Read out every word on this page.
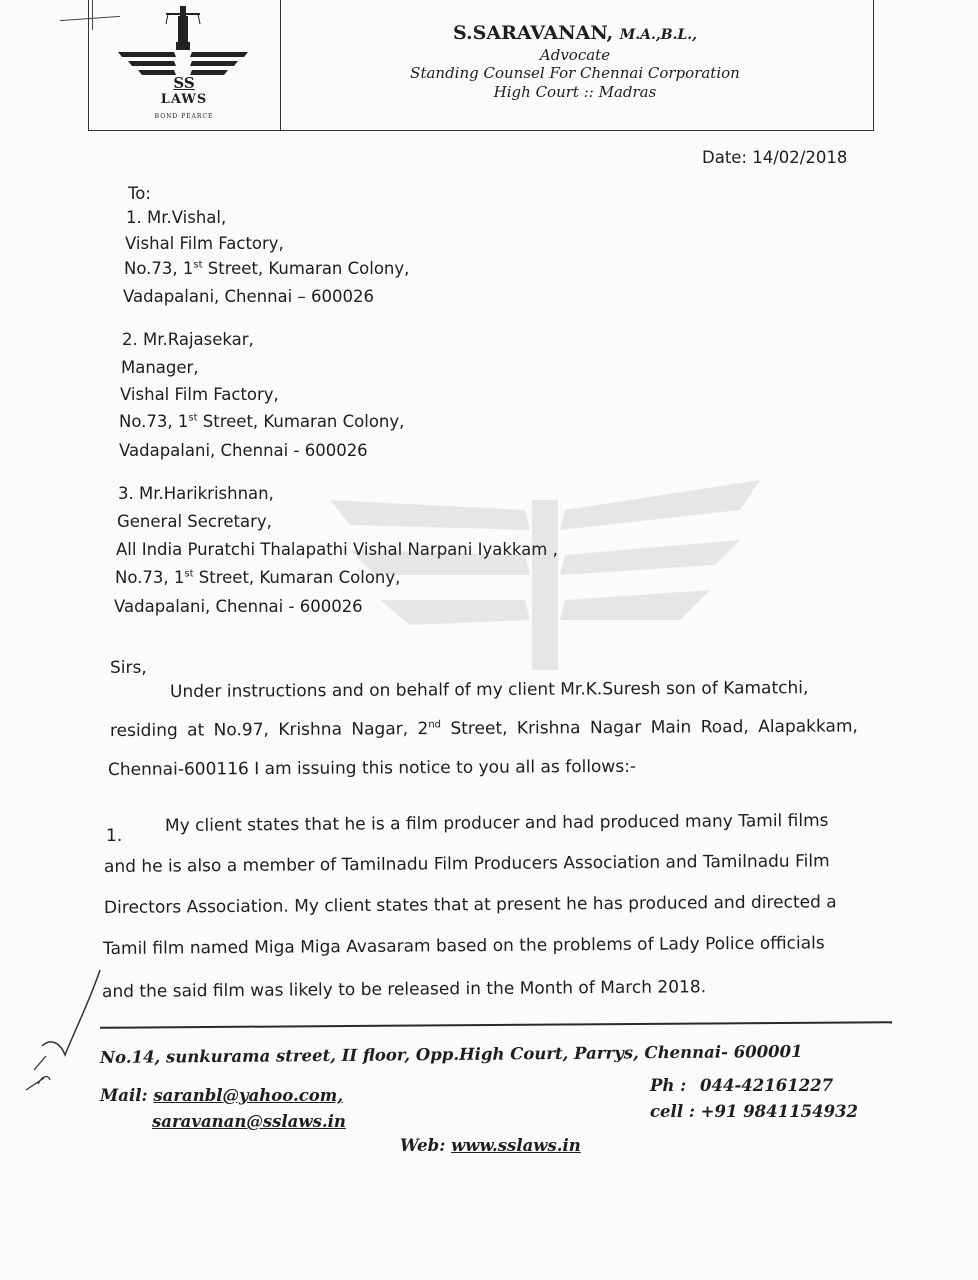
SS
LAWS
BOND PEARCE
S.SARAVANAN, M.A.,B.L.,
Advocate
Standing Counsel For Chennai Corporation
High Court :: Madras
Date: 14/02/2018
To:
1. Mr.Vishal,
Vishal Film Factory,
No.73, 1st Street, Kumaran Colony,
Vadapalani, Chennai – 600026
2. Mr.Rajasekar,
Manager,
Vishal Film Factory,
No.73, 1st Street, Kumaran Colony,
Vadapalani, Chennai - 600026
3. Mr.Harikrishnan,
General Secretary,
All India Puratchi Thalapathi Vishal Narpani Iyakkam ,
No.73, 1st Street, Kumaran Colony,
Vadapalani, Chennai - 600026
Sirs,
Under instructions and on behalf of my client Mr.K.Suresh son of Kamatchi,
residing at No.97, Krishna Nagar, 2nd Street, Krishna Nagar Main Road, Alapakkam,
Chennai-600116 I am issuing this notice to you all as follows:-
1.
My client states that he is a film producer and had produced many Tamil films
and he is also a member of Tamilnadu Film Producers Association and Tamilnadu Film
Directors Association. My client states that at present he has produced and directed a
Tamil film named Miga Miga Avasaram based on the problems of Lady Police officials
and the said film was likely to be released in the Month of March 2018.
No.14, sunkurama street, II floor, Opp.High Court, Parrys, Chennai- 600001
Mail: saranbl@yahoo.com,
saravanan@sslaws.in
Ph : 044-42161227
cell : +91 9841154932
Web: www.sslaws.in
